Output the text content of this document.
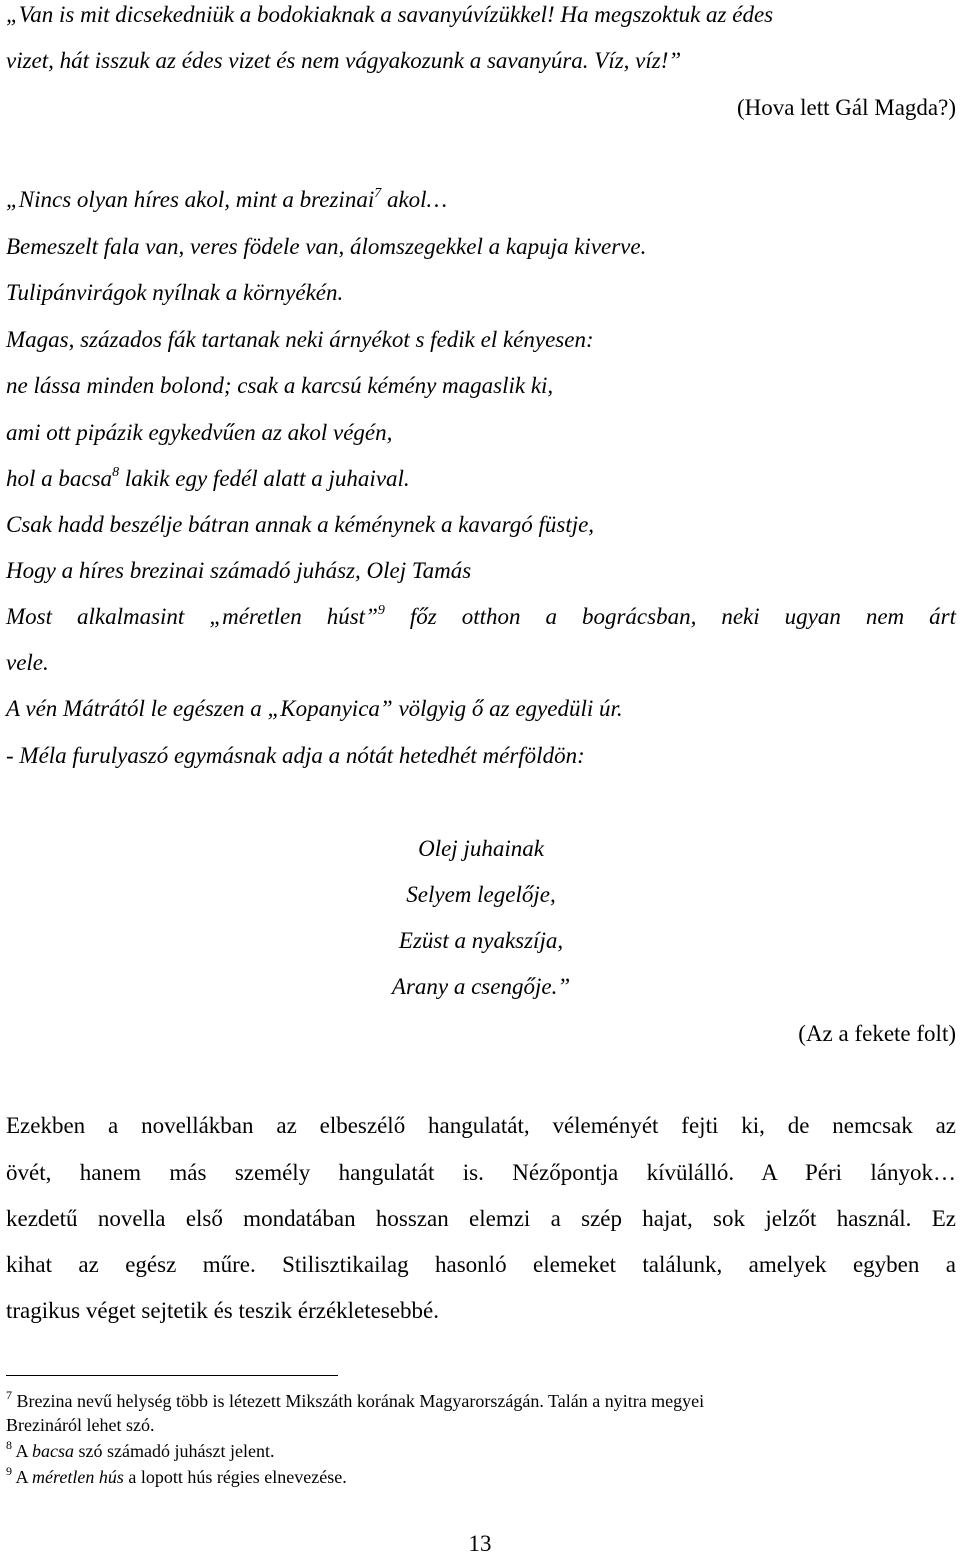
„Van is mit dicsekedniük a bodokiaknak a savanyúvízükkel! Ha megszoktuk az édes

vizet, hát isszuk az édes vizet és nem vágyakozunk a savanyúra. Víz, víz!”

(Hova lett Gál Magda?)

„Nincs olyan híres akol, mint a brezinai$^7$ akol…

Bemeszelt fala van, veres födele van, álomszegekkel a kapuja kiverve.

Tulipánvirágok nyílnak a környékén.

Magas, százados fák tartanak neki árnyékot s fedik el kényesen:

ne lássa minden bolond; csak a karcsú kémény magaslik ki,

ami ott pipázik egykedvűen az akol végén,

hol a bacsa$^8$ lakik egy fedél alatt a juhaival.

Csak hadd beszélje bátran annak a kéménynek a kavargó füstje,

Hogy a híres brezinai számadó juhász, Olej Tamás

Most alkalmasint „méretlen húst”$^9$ főz otthon a bográcsban, neki ugyan nem árt

vele.

A vén Mátrától le egészen a „Kopanyica” völgyig ő az egyedüli úr.

- Méla furulyaszó egymásnak adja a nótát hetedhét mérföldön:

Olej juhainak

Selyem legelője,

Ezüst a nyakszíja,

Arany a csengője.”

(Az a fekete folt)

Ezekben a novellákban az elbeszélő hangulatát, véleményét fejti ki, de nemcsak az

övét, hanem más személy hangulatát is. Nézőpontja kívülálló. A Péri lányok…

kezdetű novella első mondatában hosszan elemzi a szép hajat, sok jelzőt használ. Ez

kihat az egész műre. Stilisztikailag hasonló elemeket találunk, amelyek egyben a

tragikus véget sejtetik és teszik érzékletesebbé.

$^7$ Brezina nevű helység több is létezett Mikszáth korának Magyarországán. Talán a nyitra megyei

Brezináról lehet szó.

$^8$ A bacsa szó számadó juhászt jelent.

$^9$ A méretlen hús a lopott hús régies elnevezése.

13
